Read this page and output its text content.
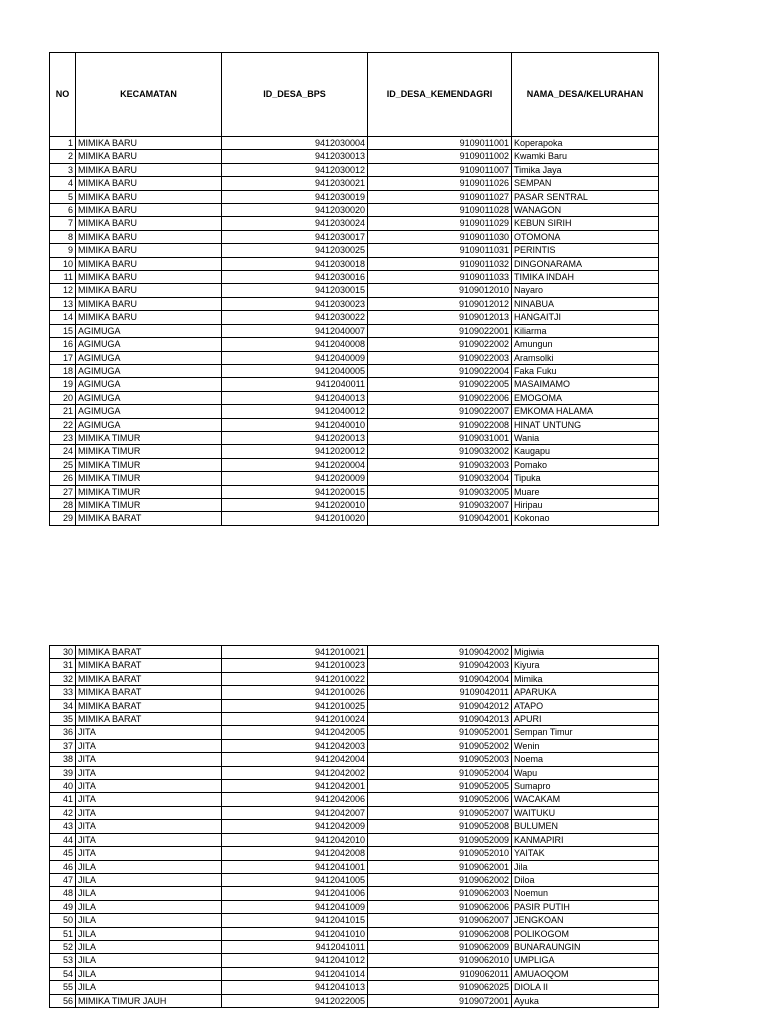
NO	KECAMATAN	ID_DESA_BPS	ID_DESA_KEMENDAGRI	NAMA_DESA/KELURAHAN
1	MIMIKA BARU	9412030004	9109011001	Koperapoka
2	MIMIKA BARU	9412030013	9109011002	Kwamki Baru
3	MIMIKA BARU	9412030012	9109011007	Timika Jaya
4	MIMIKA BARU	9412030021	9109011026	SEMPAN
5	MIMIKA BARU	9412030019	9109011027	PASAR SENTRAL
6	MIMIKA BARU	9412030020	9109011028	WANAGON
7	MIMIKA BARU	9412030024	9109011029	KEBUN SIRIH
8	MIMIKA BARU	9412030017	9109011030	OTOMONA
9	MIMIKA BARU	9412030025	9109011031	PERINTIS
10	MIMIKA BARU	9412030018	9109011032	DINGONARAMA
11	MIMIKA BARU	9412030016	9109011033	TIMIKA INDAH
12	MIMIKA BARU	9412030015	9109012010	Nayaro
13	MIMIKA BARU	9412030023	9109012012	NINABUA
14	MIMIKA BARU	9412030022	9109012013	HANGAITJI
15	AGIMUGA	9412040007	9109022001	Kiliarma
16	AGIMUGA	9412040008	9109022002	Amungun
17	AGIMUGA	9412040009	9109022003	Aramsolki
18	AGIMUGA	9412040005	9109022004	Faka Fuku
19	AGIMUGA	9412040011	9109022005	MASAIMAMO
20	AGIMUGA	9412040013	9109022006	EMOGOMA
21	AGIMUGA	9412040012	9109022007	EMKOMA HALAMA
22	AGIMUGA	9412040010	9109022008	HINAT UNTUNG
23	MIMIKA TIMUR	9412020013	9109031001	Wania
24	MIMIKA TIMUR	9412020012	9109032002	Kaugapu
25	MIMIKA TIMUR	9412020004	9109032003	Pomako
26	MIMIKA TIMUR	9412020009	9109032004	Tipuka
27	MIMIKA TIMUR	9412020015	9109032005	Muare
28	MIMIKA TIMUR	9412020010	9109032007	Hiripau
29	MIMIKA BARAT	9412010020	9109042001	Kokonao
30	MIMIKA BARAT	9412010021	9109042002	Migiwia
31	MIMIKA BARAT	9412010023	9109042003	Kiyura
32	MIMIKA BARAT	9412010022	9109042004	Mimika
33	MIMIKA BARAT	9412010026	9109042011	APARUKA
34	MIMIKA BARAT	9412010025	9109042012	ATAPO
35	MIMIKA BARAT	9412010024	9109042013	APURI
36	JITA	9412042005	9109052001	Sempan Timur
37	JITA	9412042003	9109052002	Wenin
38	JITA	9412042004	9109052003	Noema
39	JITA	9412042002	9109052004	Wapu
40	JITA	9412042001	9109052005	Sumapro
41	JITA	9412042006	9109052006	WACAKAM
42	JITA	9412042007	9109052007	WAITUKU
43	JITA	9412042009	9109052008	BULUMEN
44	JITA	9412042010	9109052009	KANMAPIRI
45	JITA	9412042008	9109052010	YAITAK
46	JILA	9412041001	9109062001	Jila
47	JILA	9412041005	9109062002	Diloa
48	JILA	9412041006	9109062003	Noemun
49	JILA	9412041009	9109062006	PASIR PUTIH
50	JILA	9412041015	9109062007	JENGKOAN
51	JILA	9412041010	9109062008	POLIKOGOM
52	JILA	9412041011	9109062009	BUNARAUNGIN
53	JILA	9412041012	9109062010	UMPLIGA
54	JILA	9412041014	9109062011	AMUAOQOM
55	JILA	9412041013	9109062025	DIOLA II
56	MIMIKA TIMUR JAUH	9412022005	9109072001	Ayuka
